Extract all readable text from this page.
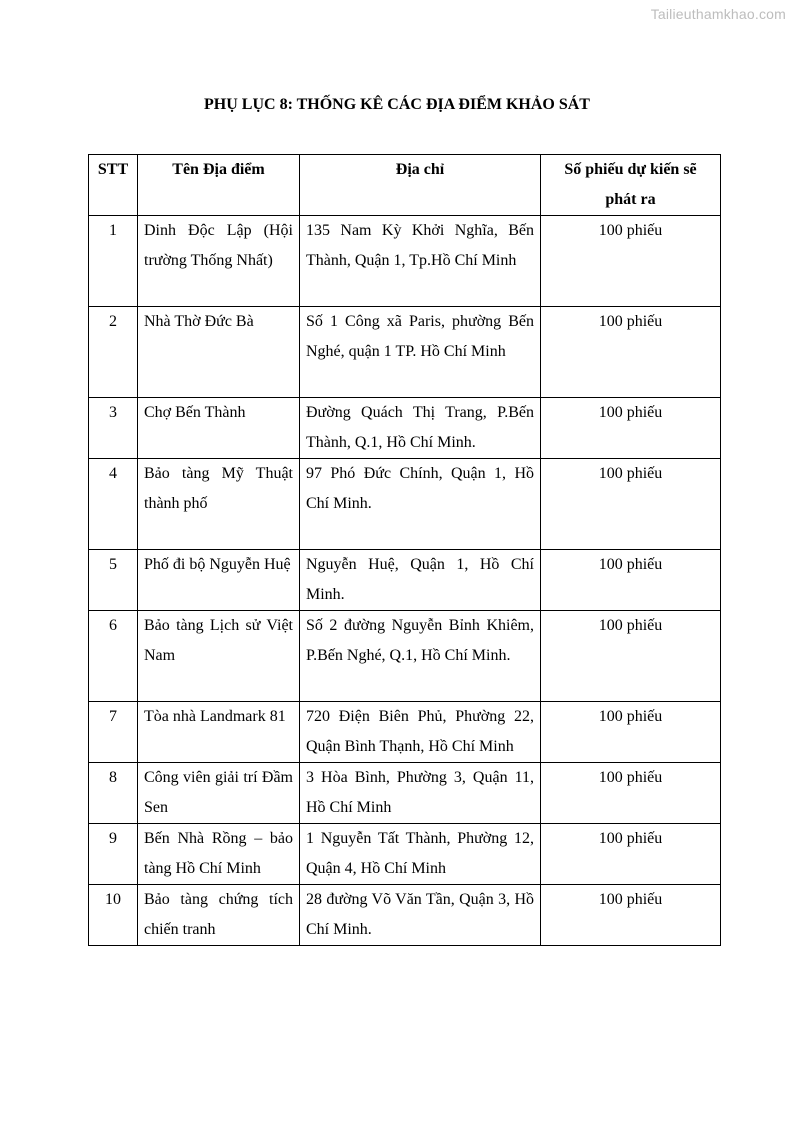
Tailieuthamkhao.com
PHỤ LỤC 8: THỐNG KÊ CÁC ĐỊA ĐIỂM KHẢO SÁT
STT	Tên Địa điểm	Địa chỉ	Số phiếu dự kiến sẽ phát ra
1	Dinh Độc Lập (Hội trường Thống Nhất)	135 Nam Kỳ Khởi Nghĩa, Bến Thành, Quận 1, Tp.Hồ Chí Minh	100 phiếu
2	Nhà Thờ Đức Bà	Số 1 Công xã Paris, phường Bến Nghé, quận 1 TP. Hồ Chí Minh	100 phiếu
3	Chợ Bến Thành	Đường Quách Thị Trang, P.Bến Thành, Q.1, Hồ Chí Minh.	100 phiếu
4	Bảo tàng Mỹ Thuật thành phố	97 Phó Đức Chính, Quận 1, Hồ Chí Minh.	100 phiếu
5	Phố đi bộ Nguyễn Huệ	Nguyễn Huệ, Quận 1, Hồ Chí Minh.	100 phiếu
6	Bảo tàng Lịch sử Việt Nam	Số 2 đường Nguyễn Bỉnh Khiêm, P.Bến Nghé, Q.1, Hồ Chí Minh.	100 phiếu
7	Tòa nhà Landmark 81	720 Điện Biên Phủ, Phường 22, Quận Bình Thạnh, Hồ Chí Minh	100 phiếu
8	Công viên giải trí Đầm Sen	3 Hòa Bình, Phường 3, Quận 11, Hồ Chí Minh	100 phiếu
9	Bến Nhà Rồng – bảo tàng Hồ Chí Minh	1 Nguyễn Tất Thành, Phường 12, Quận 4, Hồ Chí Minh	100 phiếu
10	Bảo tàng chứng tích chiến tranh	28 đường Võ Văn Tần, Quận 3, Hồ Chí Minh.	100 phiếu
